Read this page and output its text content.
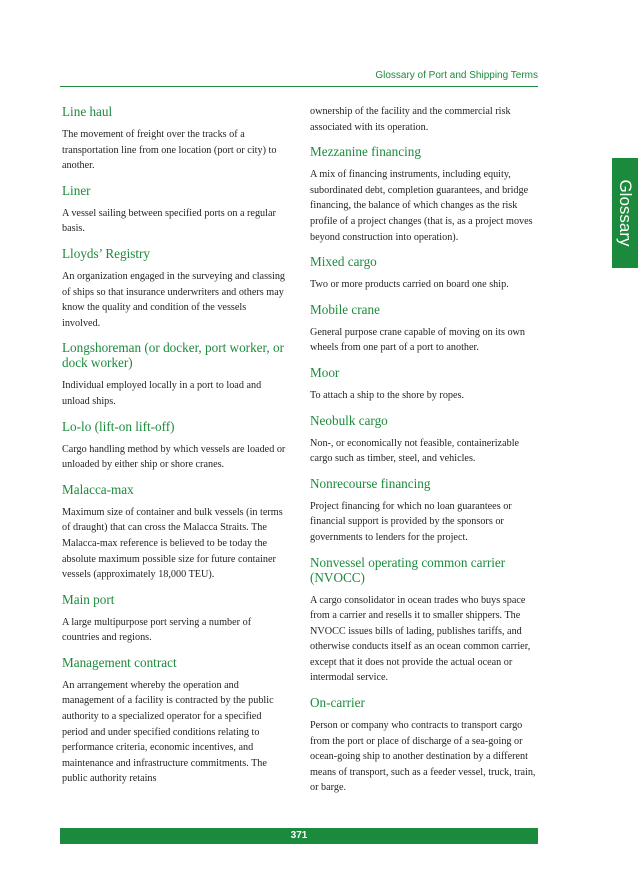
Glossary of Port and Shipping Terms
Glossary

Line haul

The movement of freight over the tracks of a transportation line from one location (port or city) to another.

Liner

A vessel sailing between specified ports on a regular basis.

Lloyds’ Registry

An organization engaged in the surveying and classing of ships so that insurance underwriters and others may know the quality and condition of the vessels involved.

Longshoreman (or docker, port worker, or dock worker)

Individual employed locally in a port to load and unload ships.

Lo-lo (lift-on lift-off)

Cargo handling method by which vessels are loaded or unloaded by either ship or shore cranes.

Malacca-max

Maximum size of container and bulk vessels (in terms of draught) that can cross the Malacca Straits. The Malacca-max reference is believed to be today the absolute maximum possible size for future container vessels (approximately 18,000 TEU).

Main port

A large multipurpose port serving a number of countries and regions.

Management contract

An arrangement whereby the operation and management of a facility is contracted by the public authority to a specialized operator for a specified period and under specified conditions relating to performance criteria, economic incentives, and maintenance and infrastructure commitments. The public authority retains

ownership of the facility and the commercial risk associated with its operation.

Mezzanine financing

A mix of financing instruments, including equity, subordinated debt, completion guarantees, and bridge financing, the balance of which changes as the risk profile of a project changes (that is, as a project moves beyond construction into operation).

Mixed cargo

Two or more products carried on board one ship.

Mobile crane

General purpose crane capable of moving on its own wheels from one part of a port to another.

Moor

To attach a ship to the shore by ropes.

Neobulk cargo

Non-, or economically not feasible, containerizable cargo such as timber, steel, and vehicles.

Nonrecourse financing

Project financing for which no loan guarantees or financial support is provided by the sponsors or governments to lenders for the project.

Nonvessel operating common carrier (NVOCC)

A cargo consolidator in ocean trades who buys space from a carrier and resells it to smaller shippers. The NVOCC issues bills of lading, publishes tariffs, and otherwise conducts itself as an ocean common carrier, except that it does not provide the actual ocean or intermodal service.

On-carrier

Person or company who contracts to transport cargo from the port or place of discharge of a sea-going or ocean-going ship to another destination by a different means of transport, such as a feeder vessel, truck, train, or barge.

371
